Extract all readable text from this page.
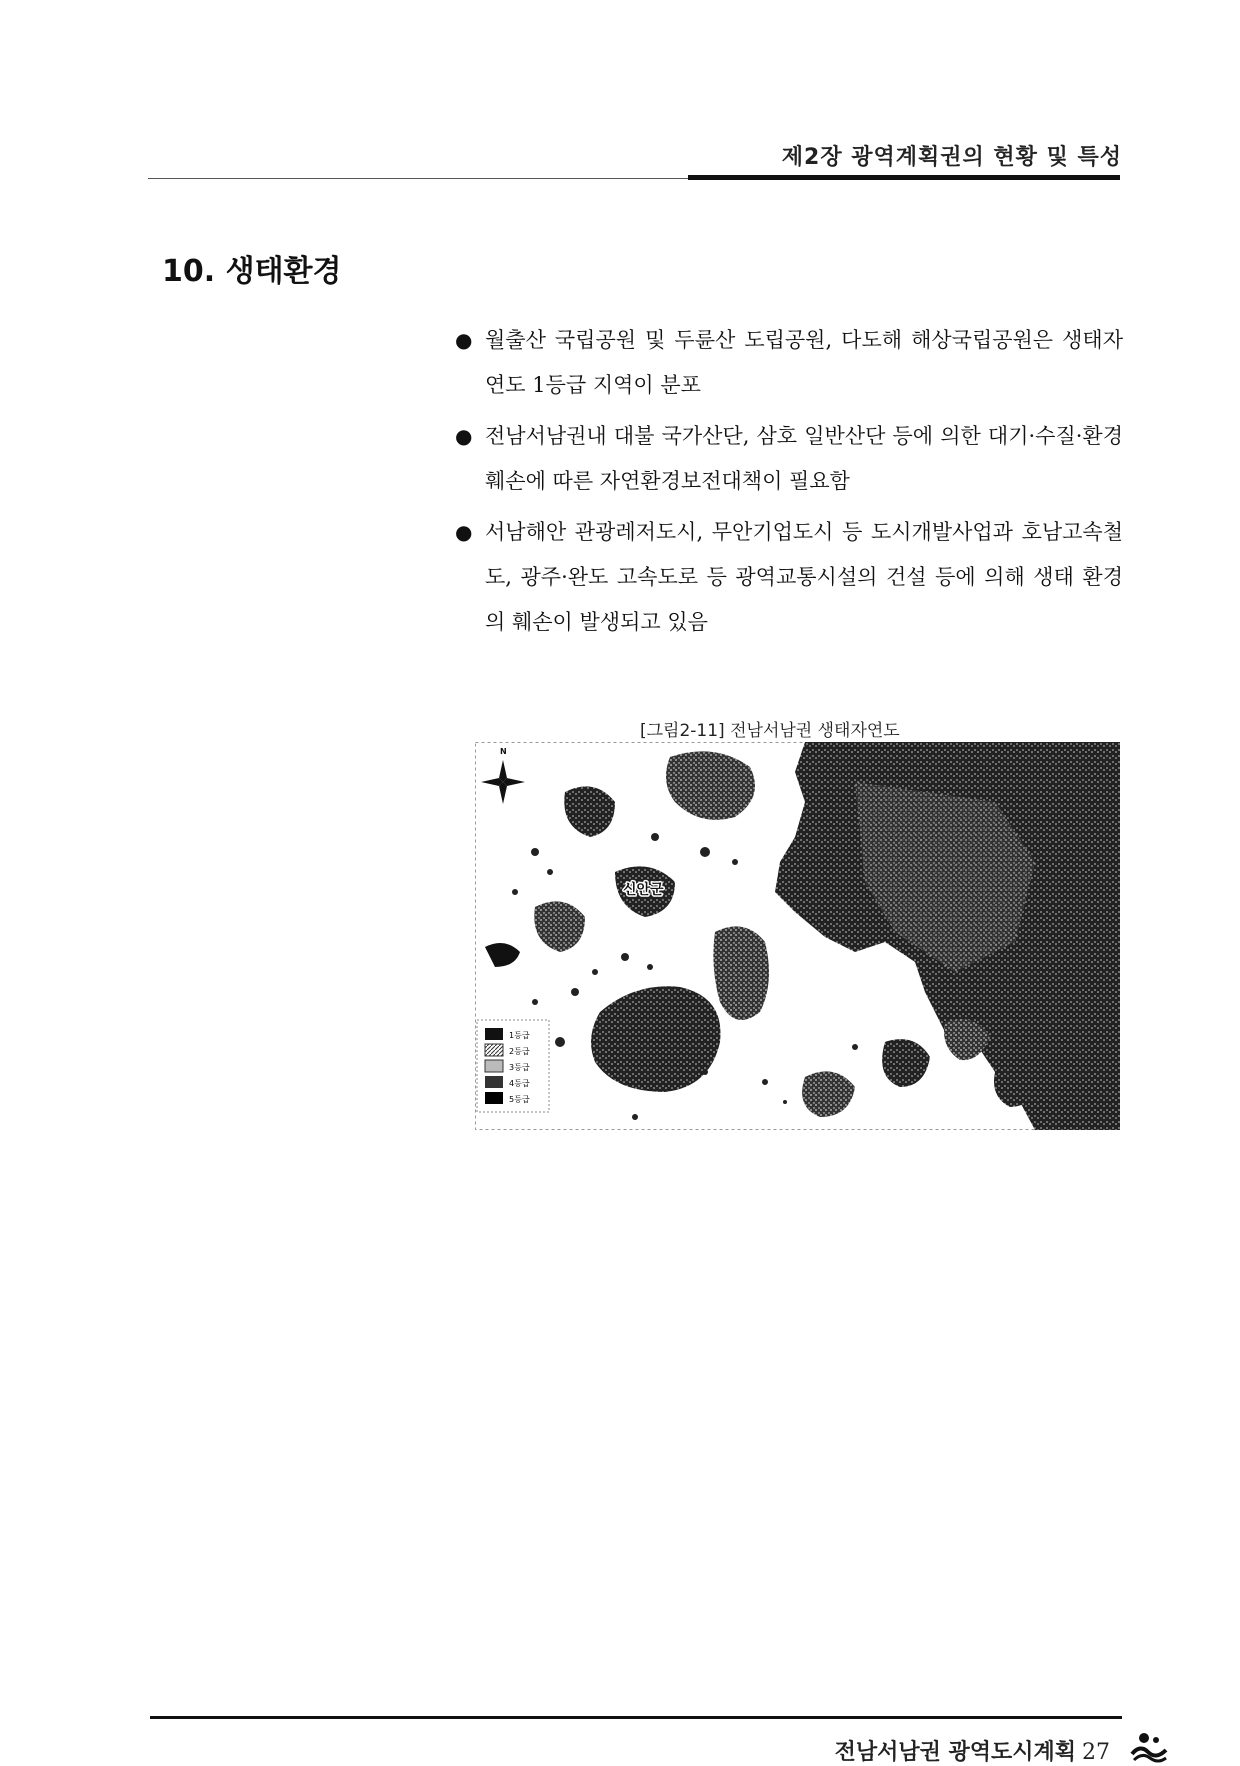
제2장 광역계획권의 현황 및 특성
10. 생태환경
● 월출산 국립공원 및 두륜산 도립공원, 다도해 해상국립공원은 생태자연도 1등급 지역이 분포
● 전남서남권내 대불 국가산단, 삼호 일반산단 등에 의한 대기·수질·환경훼손에 따른 자연환경보전대책이 필요함
● 서남해안 관광레저도시, 무안기업도시 등 도시개발사업과 호남고속철도, 광주·완도 고속도로 등 광역교통시설의 건설 등에 의해 생태 환경의 훼손이 발생되고 있음
[그림2-11] 전남서남권 생태자연도
N
신안군
1등급
2등급
3등급
4등급
5등급
전남서남권 광역도시계획 27
